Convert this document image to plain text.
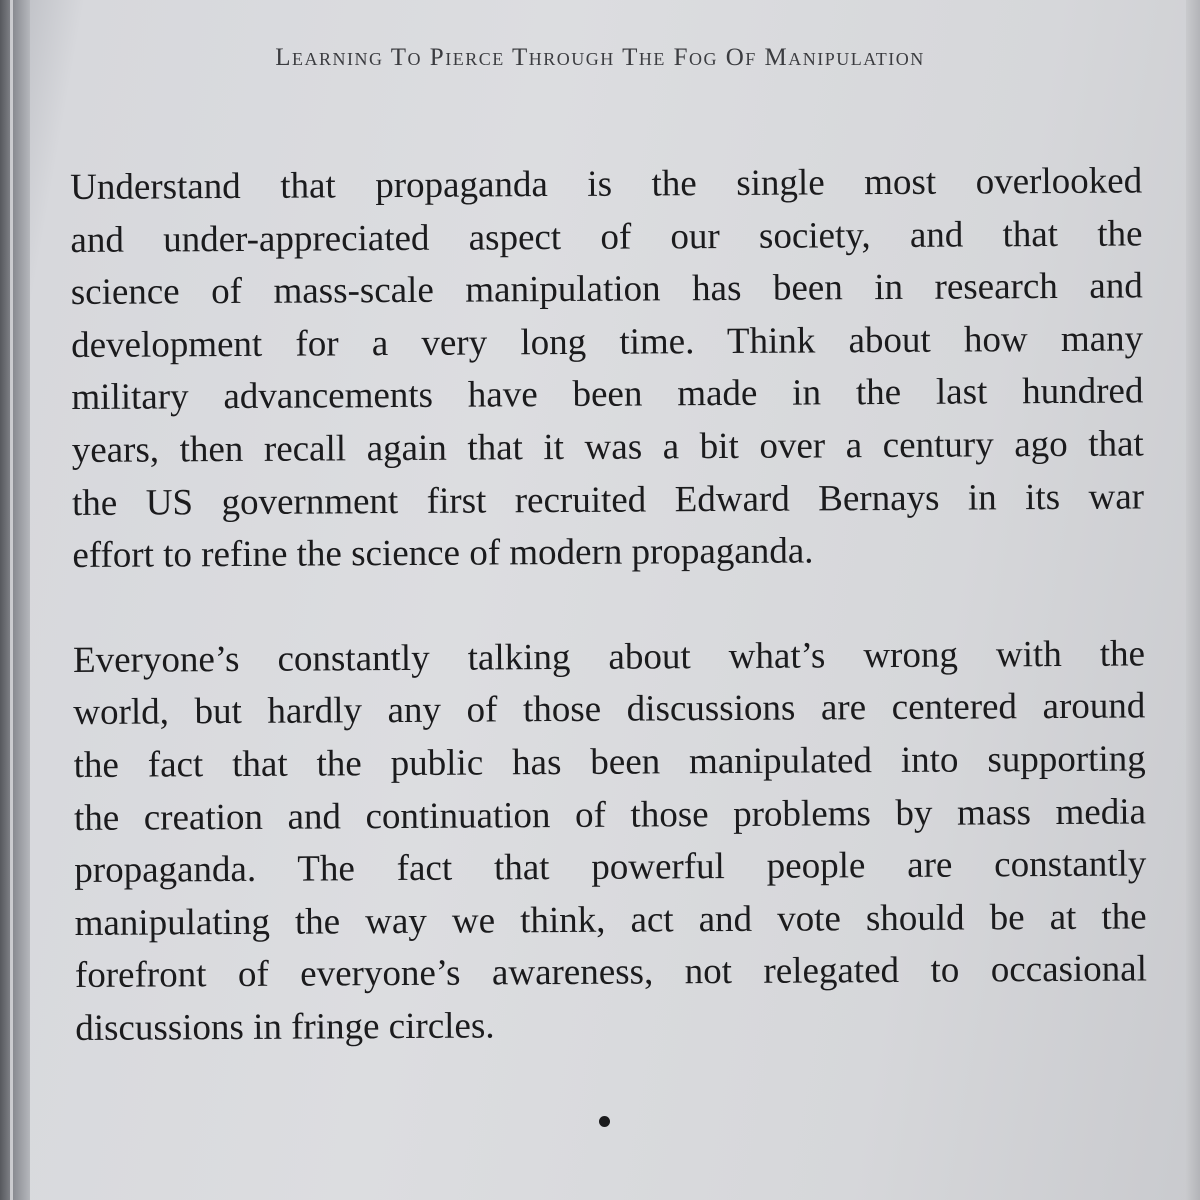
Learning To Pierce Through The Fog Of Manipulation

Understand that propaganda is the single most overlooked
and under-appreciated aspect of our society, and that the
science of mass-scale manipulation has been in research and
development for a very long time. Think about how many
military advancements have been made in the last hundred
years, then recall again that it was a bit over a century ago that
the US government first recruited Edward Bernays in its war
effort to refine the science of modern propaganda.

Everyone’s constantly talking about what’s wrong with the
world, but hardly any of those discussions are centered around
the fact that the public has been manipulated into supporting
the creation and continuation of those problems by mass media
propaganda. The fact that powerful people are constantly
manipulating the way we think, act and vote should be at the
forefront of everyone’s awareness, not relegated to occasional
discussions in fringe circles.
